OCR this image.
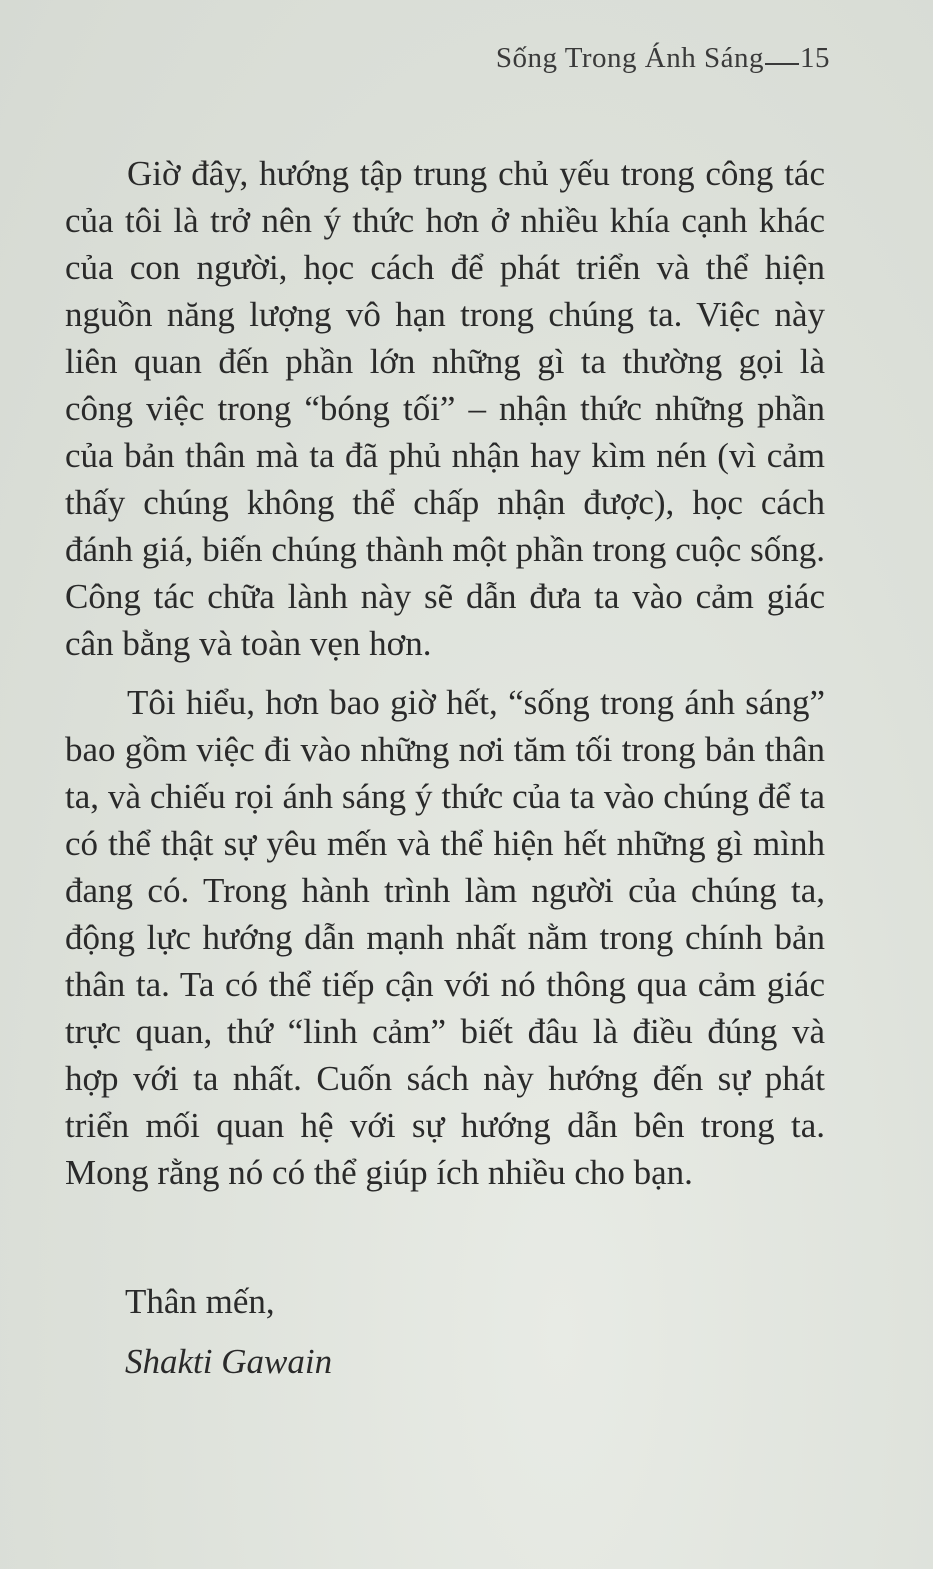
Sống Trong Ánh Sáng 15

Giờ đây, hướng tập trung chủ yếu trong công tác của tôi là trở nên ý thức hơn ở nhiều khía cạnh khác của con người, học cách để phát triển và thể hiện nguồn năng lượng vô hạn trong chúng ta. Việc này liên quan đến phần lớn những gì ta thường gọi là công việc trong “bóng tối” – nhận thức những phần của bản thân mà ta đã phủ nhận hay kìm nén (vì cảm thấy chúng không thể chấp nhận được), học cách đánh giá, biến chúng thành một phần trong cuộc sống. Công tác chữa lành này sẽ dẫn đưa ta vào cảm giác cân bằng và toàn vẹn hơn.

Tôi hiểu, hơn bao giờ hết, “sống trong ánh sáng” bao gồm việc đi vào những nơi tăm tối trong bản thân ta, và chiếu rọi ánh sáng ý thức của ta vào chúng để ta có thể thật sự yêu mến và thể hiện hết những gì mình đang có. Trong hành trình làm người của chúng ta, động lực hướng dẫn mạnh nhất nằm trong chính bản thân ta. Ta có thể tiếp cận với nó thông qua cảm giác trực quan, thứ “linh cảm” biết đâu là điều đúng và hợp với ta nhất. Cuốn sách này hướng đến sự phát triển mối quan hệ với sự hướng dẫn bên trong ta. Mong rằng nó có thể giúp ích nhiều cho bạn.

Thân mến,
Shakti Gawain
